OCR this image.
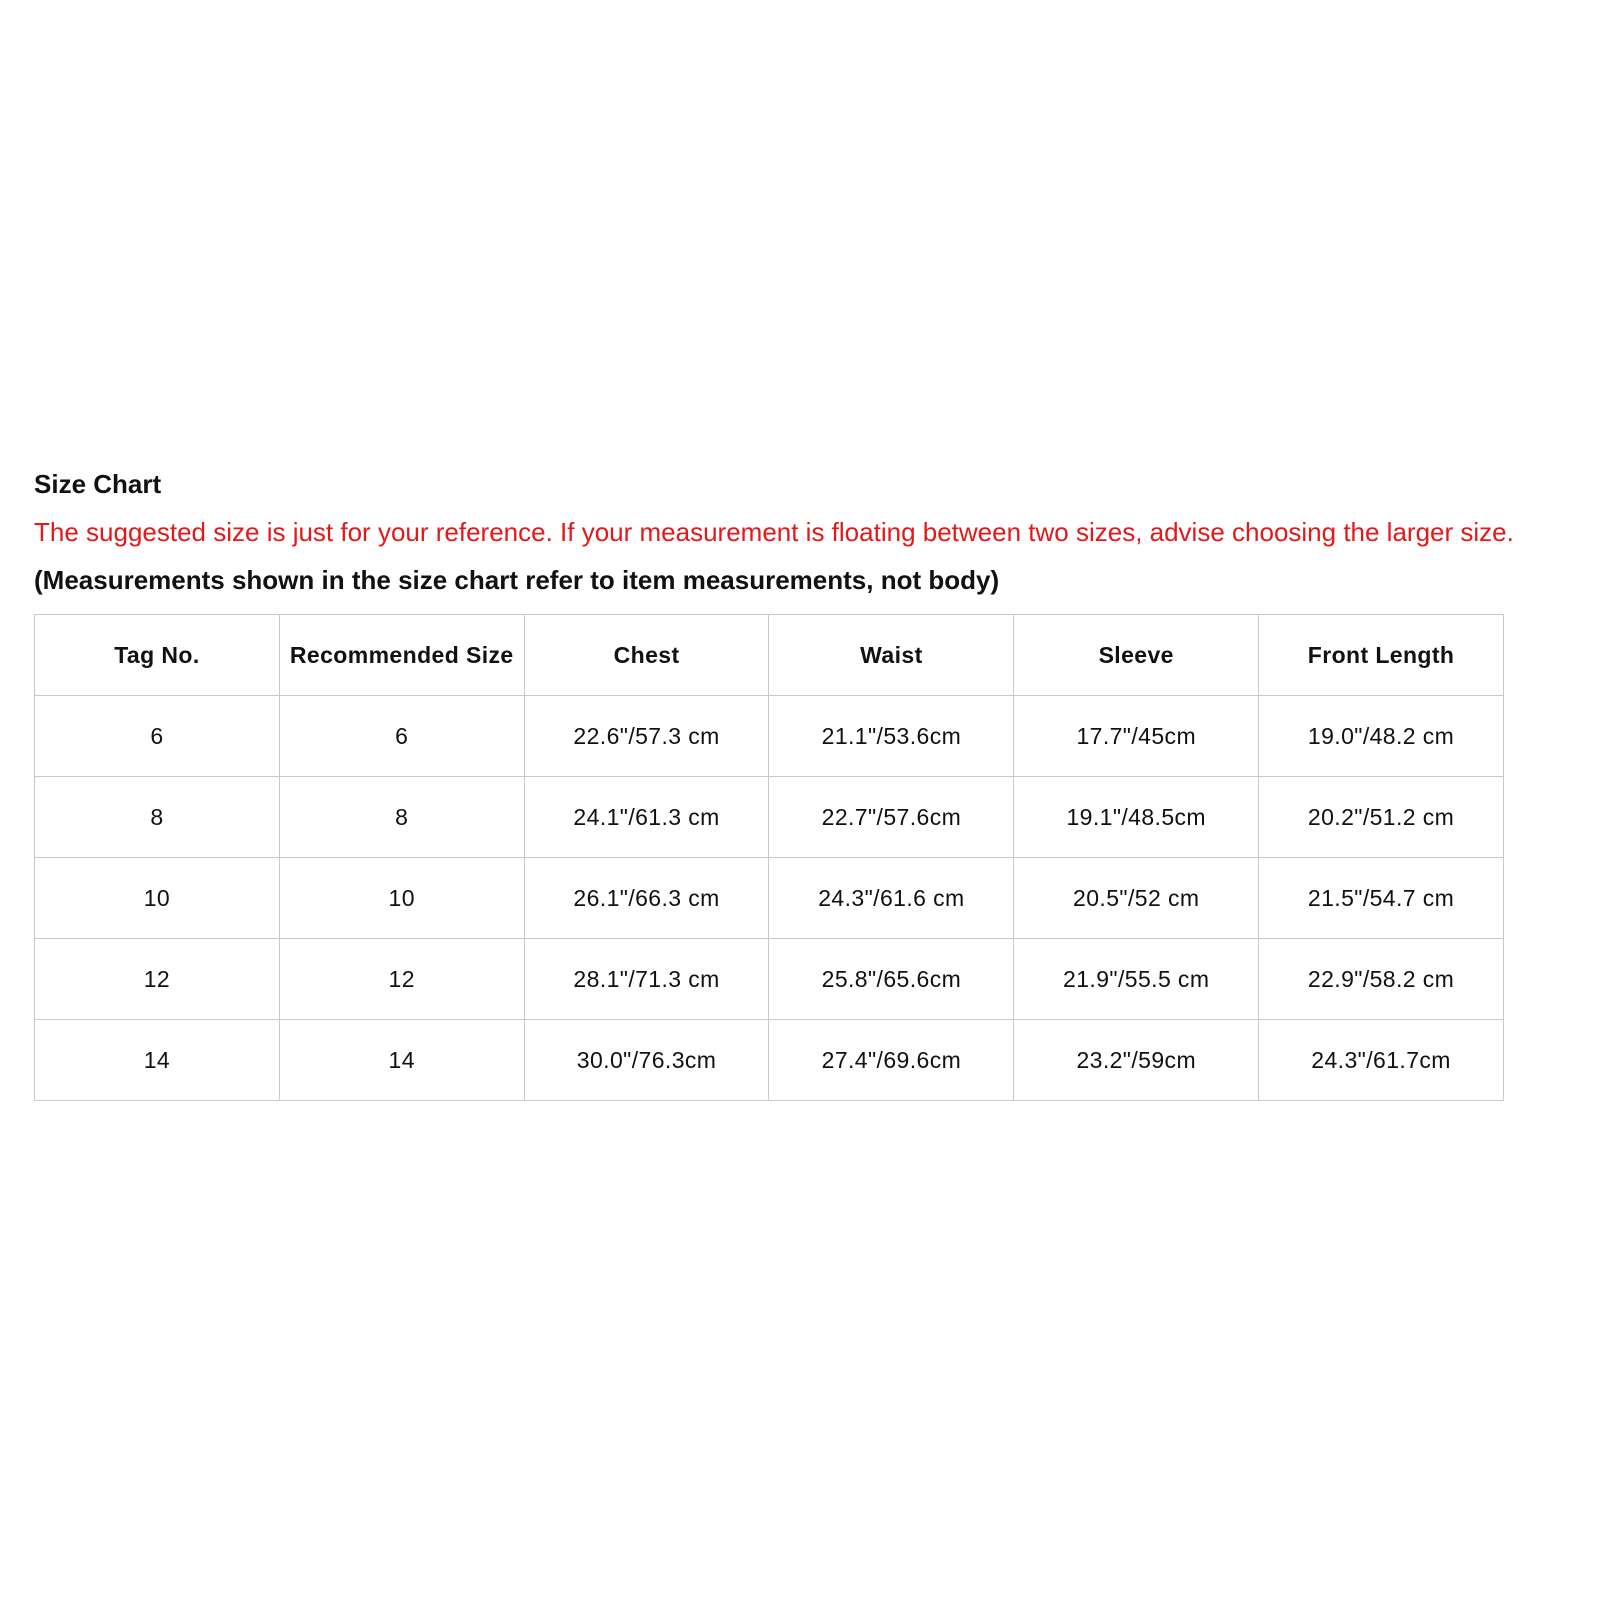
Size Chart
The suggested size is just for your reference. If your measurement is floating between two sizes, advise choosing the larger size.
(Measurements shown in the size chart refer to item measurements, not body)
Tag No.	Recommended Size	Chest	Waist	Sleeve	Front Length
6	6	22.6"/57.3 cm	21.1"/53.6cm	17.7"/45cm	19.0"/48.2 cm
8	8	24.1"/61.3 cm	22.7"/57.6cm	19.1"/48.5cm	20.2"/51.2 cm
10	10	26.1"/66.3 cm	24.3"/61.6 cm	20.5"/52 cm	21.5"/54.7 cm
12	12	28.1"/71.3 cm	25.8"/65.6cm	21.9"/55.5 cm	22.9"/58.2 cm
14	14	30.0"/76.3cm	27.4"/69.6cm	23.2"/59cm	24.3"/61.7cm
